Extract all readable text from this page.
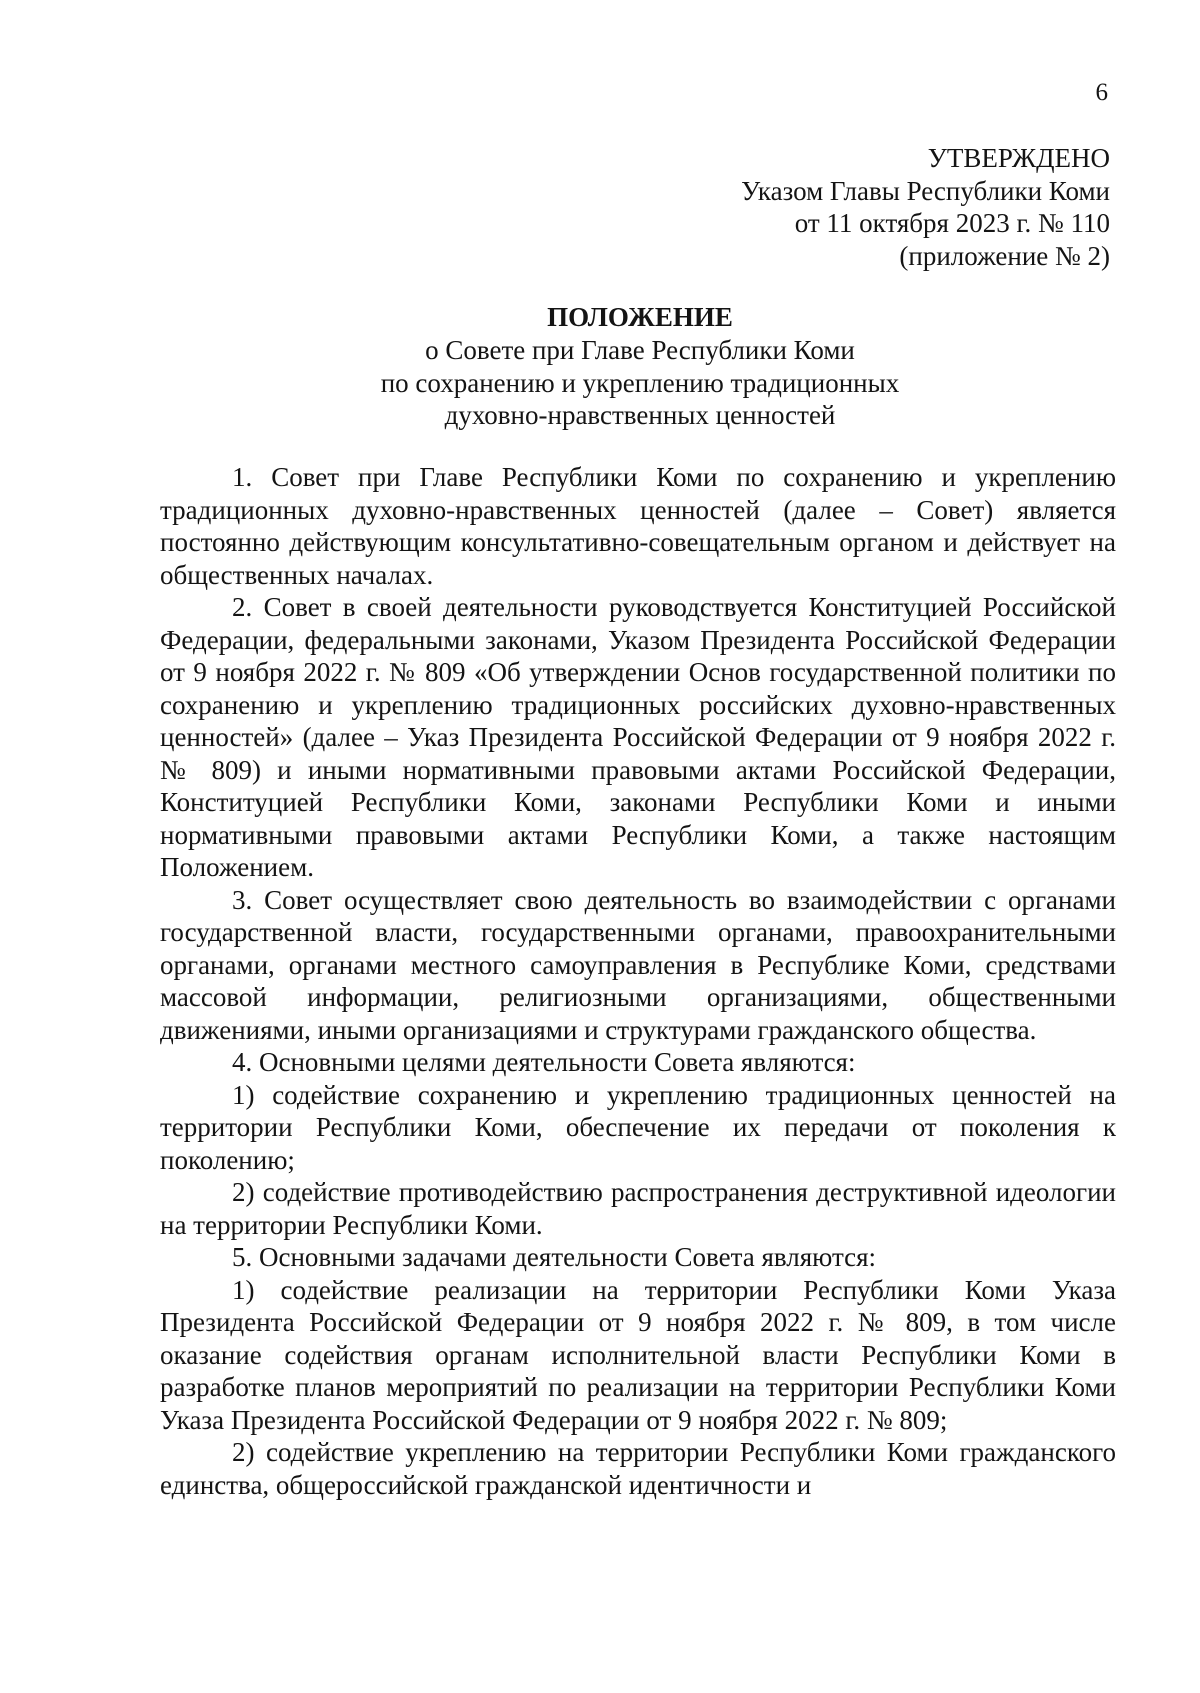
6
УТВЕРЖДЕНО
Указом Главы Республики Коми
от 11 октября 2023 г. № 110
(приложение № 2)
ПОЛОЖЕНИЕ
о Совете при Главе Республики Коми
по сохранению и укреплению традиционных
духовно-нравственных ценностей

1. Совет при Главе Республики Коми по сохранению и укреплению традиционных духовно-нравственных ценностей (далее – Совет) является постоянно действующим консультативно-совещательным органом и действует на общественных началах.

2. Совет в своей деятельности руководствуется Конституцией Российской Федерации, федеральными законами, Указом Президента Российской Федерации от 9 ноября 2022 г. № 809 «Об утверждении Основ государственной политики по сохранению и укреплению традиционных российских духовно-нравственных ценностей» (далее – Указ Президента Российской Федерации от 9 ноября 2022 г. № 809) и иными нормативными правовыми актами Российской Федерации, Конституцией Республики Коми, законами Республики Коми и иными нормативными правовыми актами Республики Коми, а также настоящим Положением.

3. Совет осуществляет свою деятельность во взаимодействии с органами государственной власти, государственными органами, правоохранительными органами, органами местного самоуправления в Республике Коми, средствами массовой информации, религиозными организациями, общественными движениями, иными организациями и структурами гражданского общества.

4. Основными целями деятельности Совета являются:

1) содействие сохранению и укреплению традиционных ценностей на территории Республики Коми, обеспечение их передачи от поколения к поколению;

2) содействие противодействию распространения деструктивной идеологии на территории Республики Коми.

5. Основными задачами деятельности Совета являются:

1) содействие реализации на территории Республики Коми Указа Президента Российской Федерации от 9 ноября 2022 г. № 809, в том числе оказание содействия органам исполнительной власти Республики Коми в разработке планов мероприятий по реализации на территории Республики Коми Указа Президента Российской Федерации от 9 ноября 2022 г. № 809;

2) содействие укреплению на территории Республики Коми гражданского единства, общероссийской гражданской идентичности и
